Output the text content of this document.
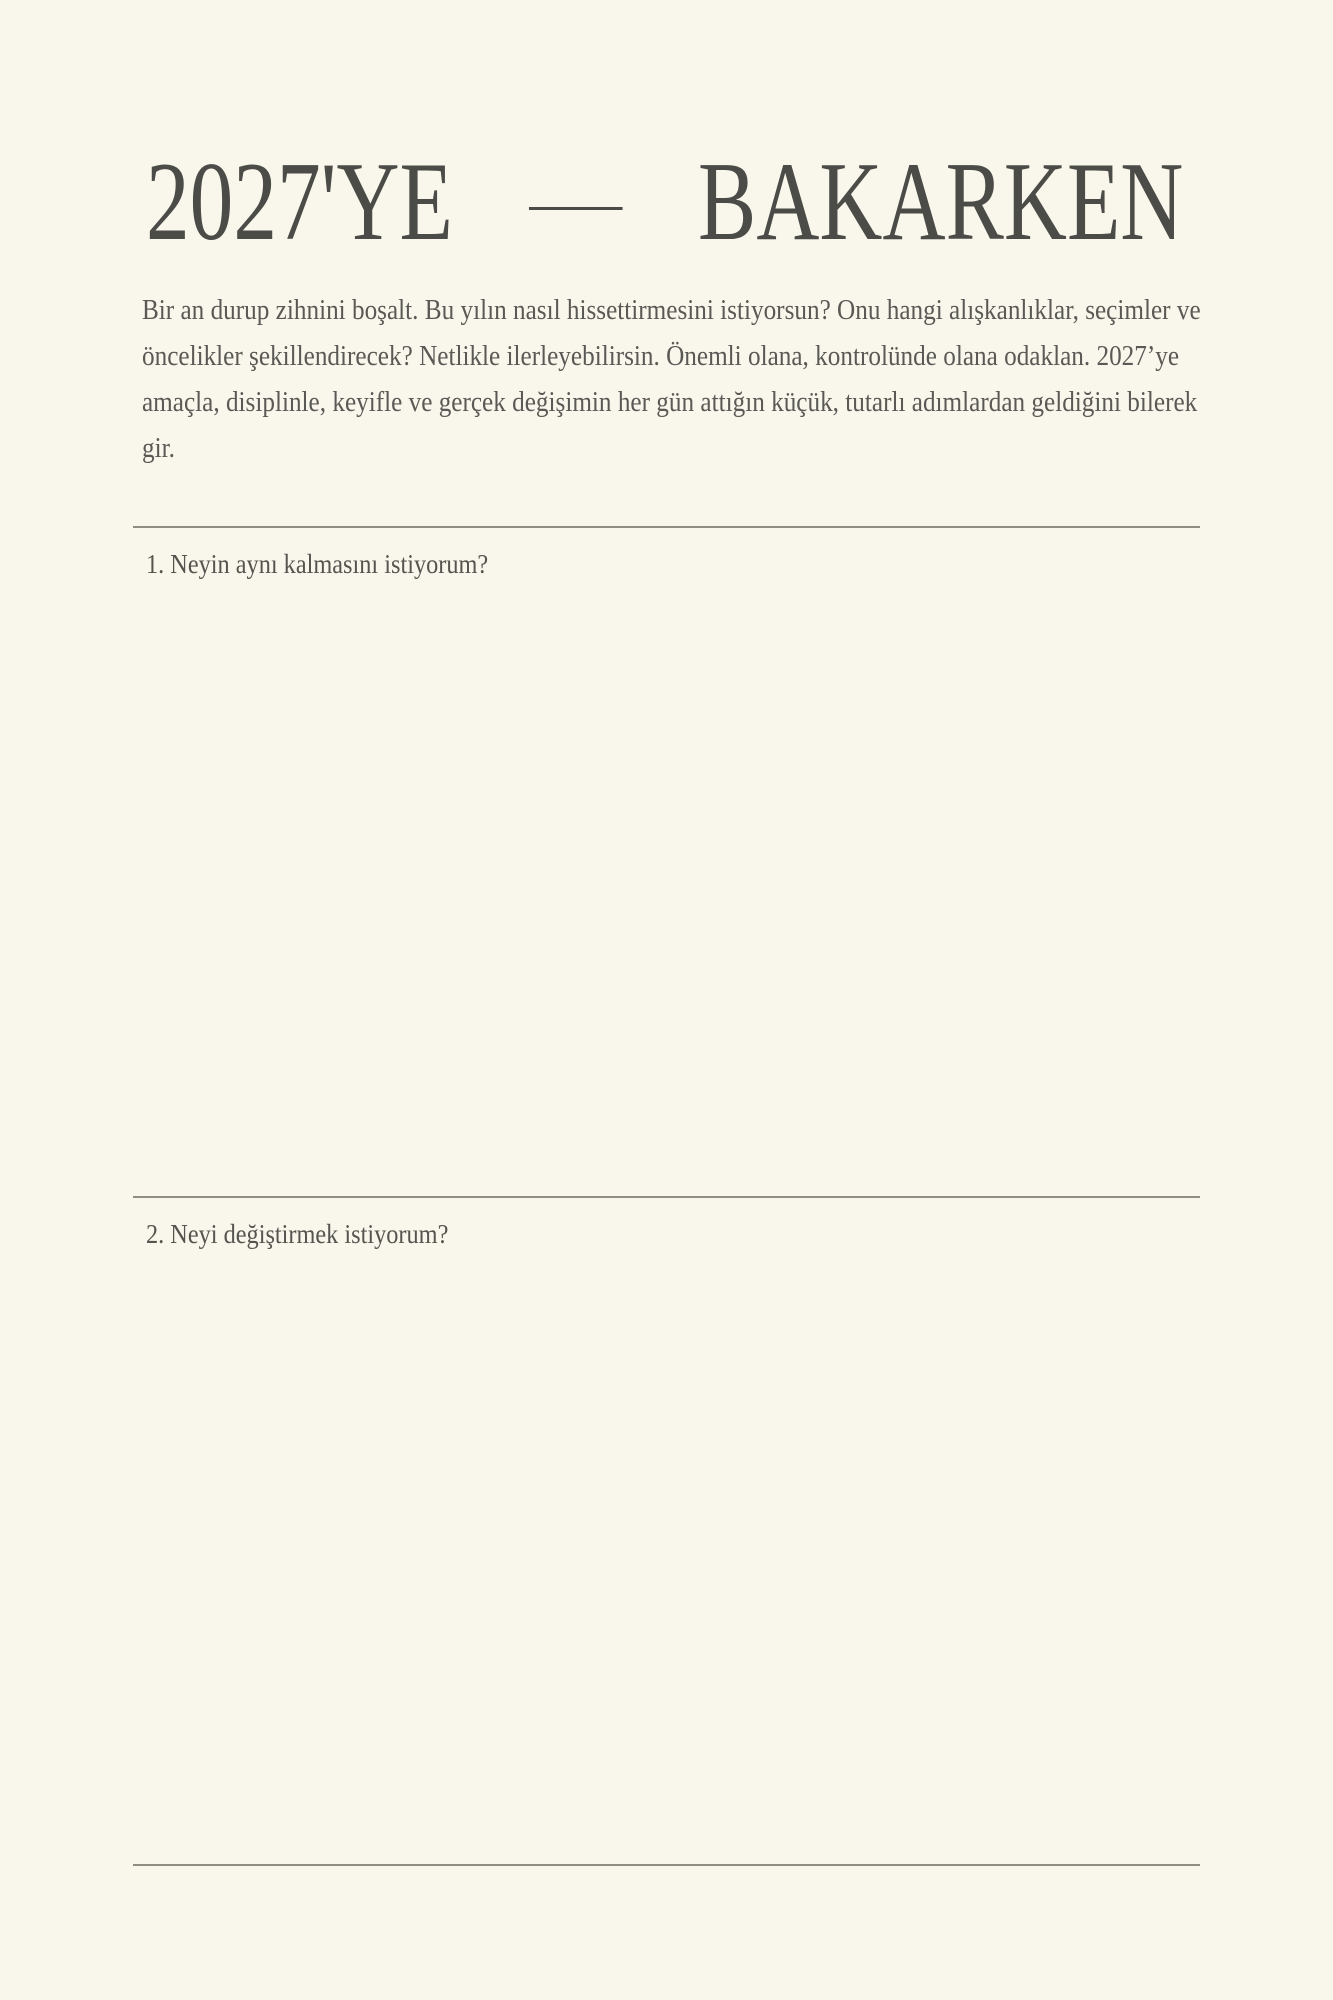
2027'YE BAKARKEN
Bir an durup zihnini boşalt. Bu yılın nasıl hissettirmesini istiyorsun? Onu hangi alışkanlıklar, seçimler ve öncelikler şekillendirecek? Netlikle ilerleyebilirsin. Önemli olana, kontrolünde olana odaklan. 2027’ye amaçla, disiplinle, keyifle ve gerçek değişimin her gün attığın küçük, tutarlı adımlardan geldiğini bilerek gir.

1. Neyin aynı kalmasını istiyorum?

2. Neyi değiştirmek istiyorum?
